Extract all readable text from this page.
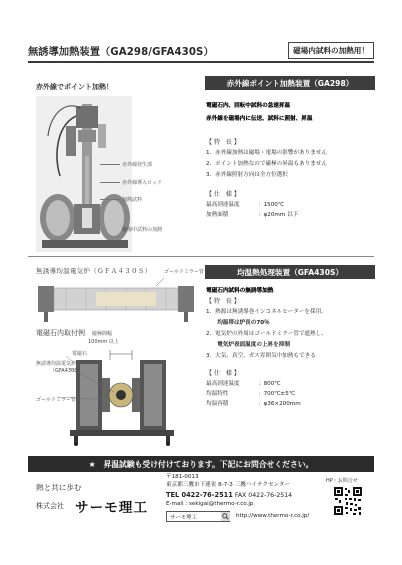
無誘導加熱装置（GA298/GFA430S）	磁場内試料の加熱用！
赤外線でポイント加熱！	赤外線ポイント加熱装置（GA298）
赤外線発生部
赤外線導入ロッド
加熱試料
磁場中試料の加熱
電磁石内、回転中試料の急速昇温
赤外線を磁場内に伝送、試料に照射、昇温
【 特　長 】
1．赤外線加熱は磁場・電場の影響がありません
2．ポイント加熱なので磁極の昇温もありません
3．赤外線照射方向は全方位選択
【 仕　様 】
最高到達温度	：1500℃
加熱面積	：φ20mm 以下
無誘導均温電気炉（ＧＦＡ４３０Ｓ）	均温熱処理装置（GFA430S）
ゴールドミラー管
電磁石内取付例 磁極間幅
100mm 以上
電磁石
無誘導均温電気炉
（GFA430S）
ゴールドミラー管
電磁石内試料の無誘導加熱
【 特　長 】
1．熱源は無誘導巻インコネルヒーターを採用。
　　均温帯は炉長の70％
2．電気炉の外周はゴールドミラー管で遮熱し、
　　電気炉表面温度の上昇を抑制
3．大気、真空、ガス雰囲気中加熱もできる
【 仕　様 】
最高到達温度	：800℃
均温特性	：700℃±5℃
均温容積	：φ36×200mm
★　昇温試験も受け付けております。下記にお問合せください。
熱と共に歩む
株式会社 サーモ理工
〒181-0013
東京都三鷹市下連雀 8-7-3 三鷹ハイテクセンター
TEL 0422-76-2511 FAX 0422-76-2514
E-mail : sekigai@thermo-r.co.jp
サーモ理工	http://www.thermo-r.co.jp/
HP・お問合せ
